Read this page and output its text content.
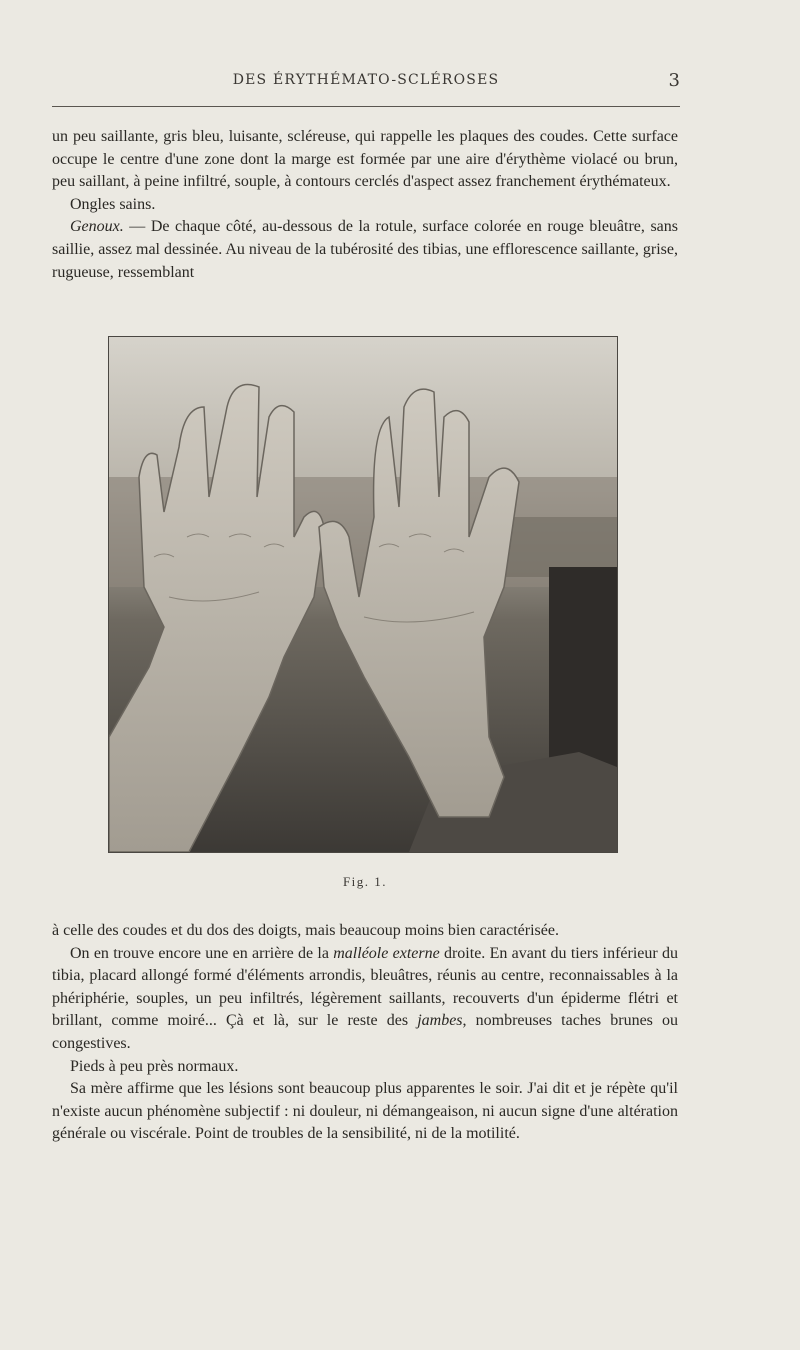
DES ÉRYTHÉMATO-SCLÉROSES	3

un peu saillante, gris bleu, luisante, scléreuse, qui rappelle les plaques des coudes. Cette surface occupe le centre d'une zone dont la marge est formée par une aire d'érythème violacé ou brun, peu saillant, à peine infiltré, souple, à contours cerclés d'aspect assez franchement érythémateux.

Ongles sains.

Genoux. — De chaque côté, au-dessous de la rotule, surface colorée en rouge bleuâtre, sans saillie, assez mal dessinée. Au niveau de la tubérosité des tibias, une efflorescence saillante, grise, rugueuse, ressemblant

Fig. 1.

à celle des coudes et du dos des doigts, mais beaucoup moins bien caractérisée.

On en trouve encore une en arrière de la malléole externe droite. En avant du tiers inférieur du tibia, placard allongé formé d'éléments arrondis, bleuâtres, réunis au centre, reconnaissables à la phériphérie, souples, un peu infiltrés, légèrement saillants, recouverts d'un épiderme flétri et brillant, comme moiré... Çà et là, sur le reste des jambes, nombreuses taches brunes ou congestives.

Pieds à peu près normaux.

Sa mère affirme que les lésions sont beaucoup plus apparentes le soir. J'ai dit et je répète qu'il n'existe aucun phénomène subjectif : ni douleur, ni démangeaison, ni aucun signe d'une altération générale ou viscérale. Point de troubles de la sensibilité, ni de la motilité.
